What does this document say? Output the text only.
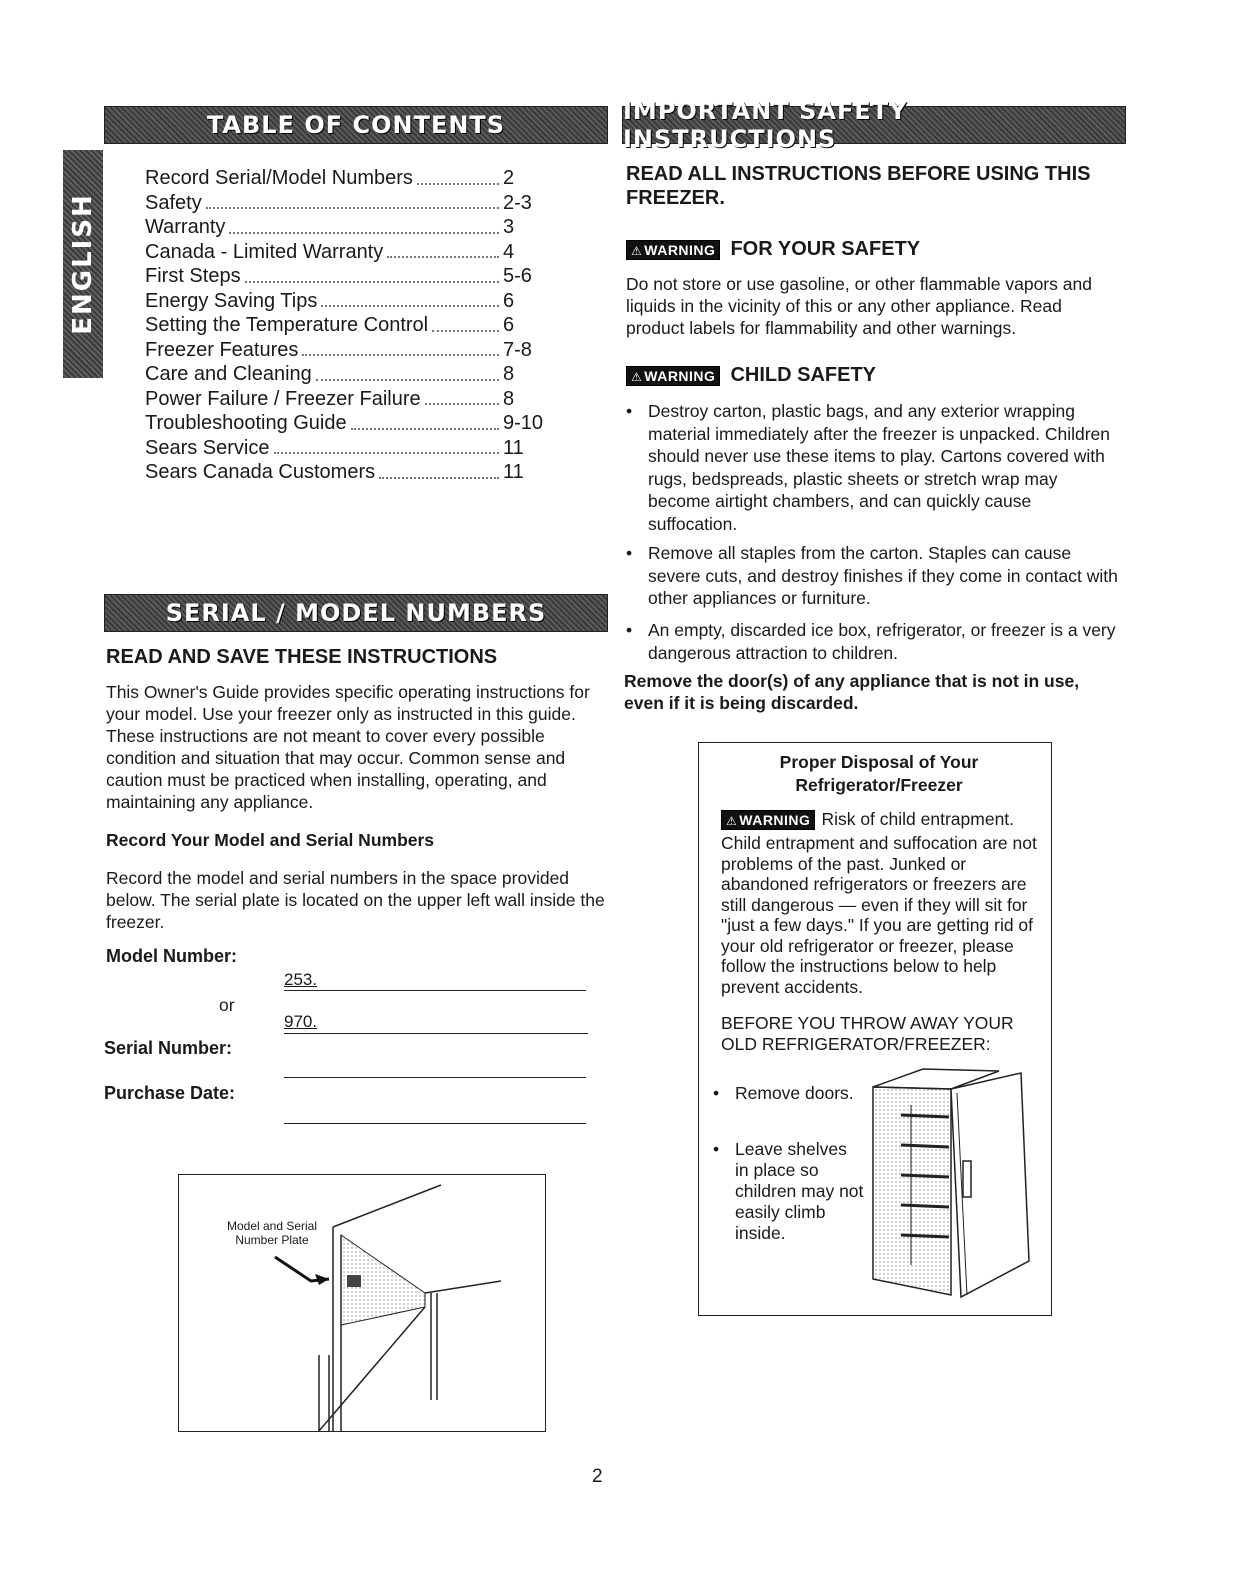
TABLE OF CONTENTS	IMPORTANT SAFETY INSTRUCTIONS
ENGLISH
Record Serial/Model Numbers	2
Safety	2-3
Warranty	3
Canada - Limited Warranty	4
First Steps	5-6
Energy Saving Tips	6
Setting the Temperature Control	6
Freezer Features	7-8
Care and Cleaning	8
Power Failure / Freezer Failure	8
Troubleshooting Guide	9-10
Sears Service	11
Sears Canada Customers	11
SERIAL / MODEL NUMBERS
READ AND SAVE THESE INSTRUCTIONS
This Owner's Guide provides specific operating instructions for your model. Use your freezer only as instructed in this guide. These instructions are not meant to cover every possible condition and situation that may occur. Common sense and caution must be practiced when installing, operating, and maintaining any appliance.
Record Your Model and Serial Numbers
Record the model and serial numbers in the space provided below. The serial plate is located on the upper left wall inside the freezer.
Model Number:
253.
or
970.
Serial Number:
Purchase Date:
Model and Serial Number Plate
READ ALL INSTRUCTIONS BEFORE USING THIS FREEZER.
⚠ WARNING FOR YOUR SAFETY
Do not store or use gasoline, or other flammable vapors and liquids in the vicinity of this or any other appliance. Read product labels for flammability and other warnings.
⚠ WARNING CHILD SAFETY
• Destroy carton, plastic bags, and any exterior wrapping material immediately after the freezer is unpacked. Children should never use these items to play. Cartons covered with rugs, bedspreads, plastic sheets or stretch wrap may become airtight chambers, and can quickly cause suffocation.
• Remove all staples from the carton. Staples can cause severe cuts, and destroy finishes if they come in contact with other appliances or furniture.
• An empty, discarded ice box, refrigerator, or freezer is a very dangerous attraction to children.
Remove the door(s) of any appliance that is not in use, even if it is being discarded.
Proper Disposal of Your Refrigerator/Freezer
⚠ WARNING Risk of child entrapment.
Child entrapment and suffocation are not problems of the past. Junked or abandoned refrigerators or freezers are still dangerous — even if they will sit for "just a few days." If you are getting rid of your old refrigerator or freezer, please follow the instructions below to help prevent accidents.
BEFORE YOU THROW AWAY YOUR OLD REFRIGERATOR/FREEZER:
• Remove doors.
• Leave shelves in place so children may not easily climb inside.
2
